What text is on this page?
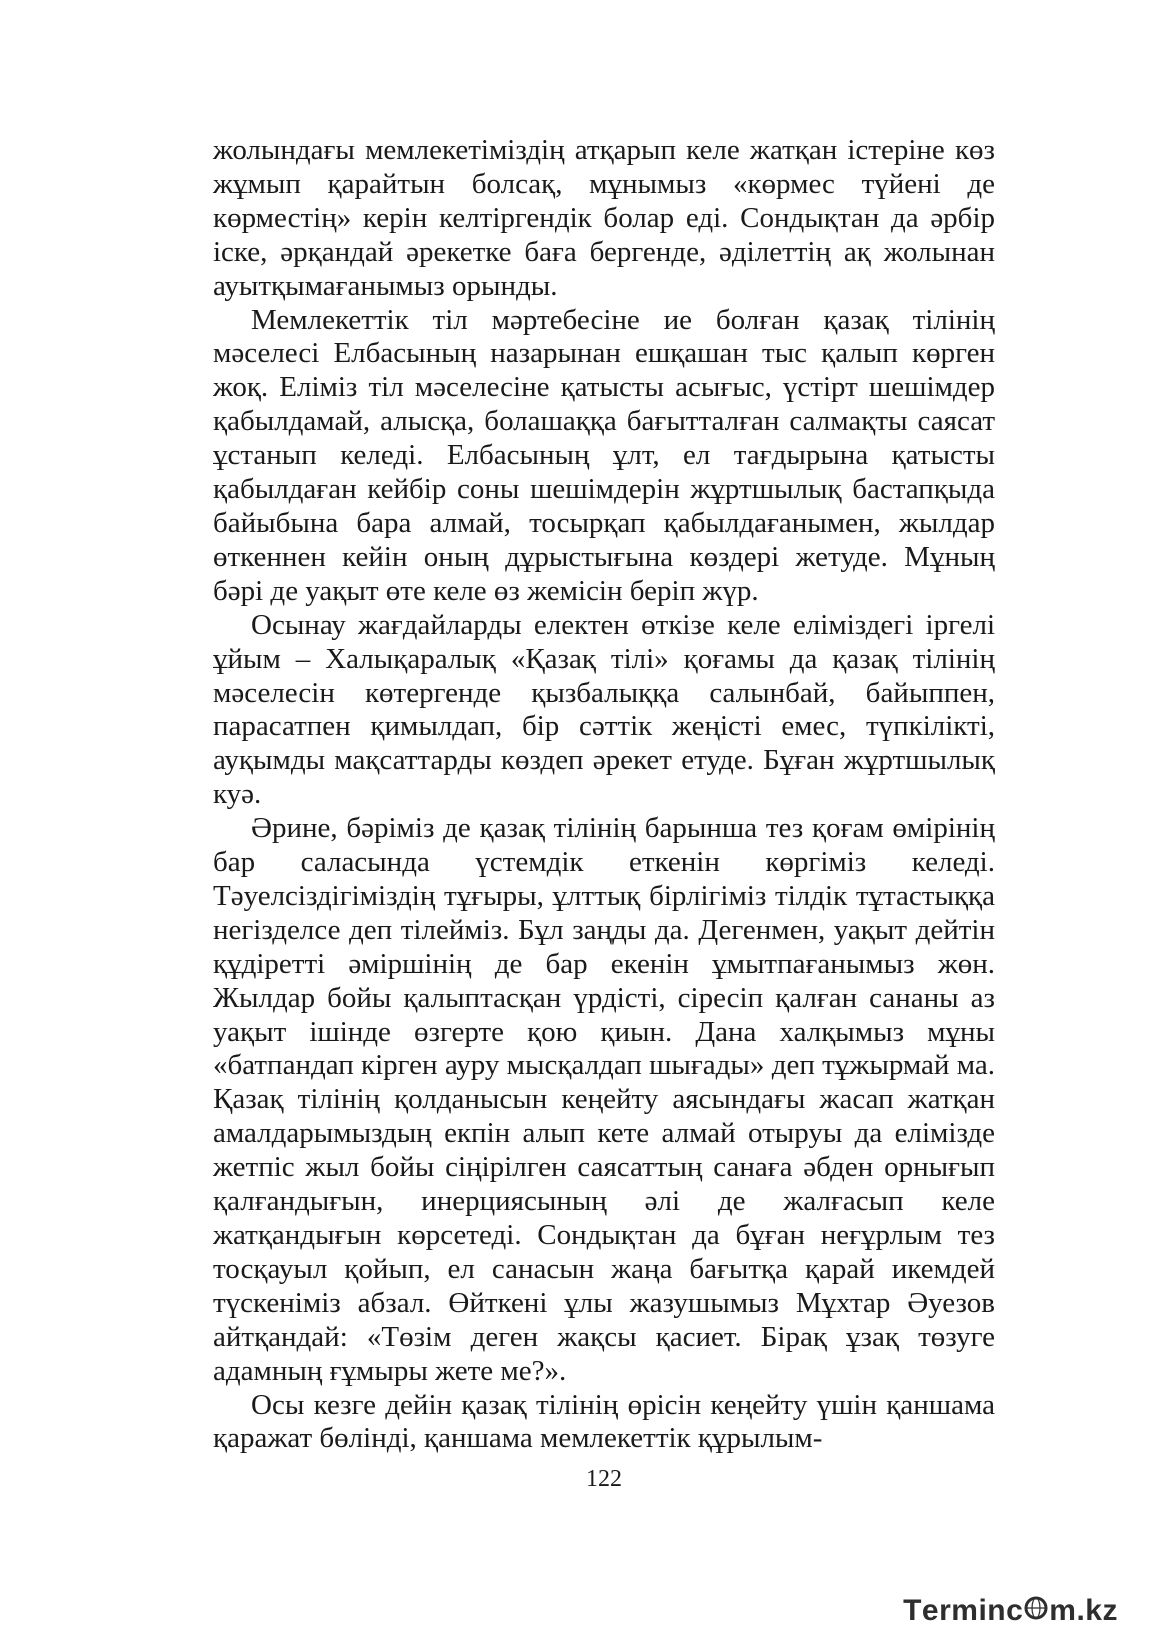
жолындағы мемлекетіміздің атқарып келе жатқан істеріне көз жұмып қарайтын болсақ, мұнымыз «көрмес түйені де көрместің» керін келтіргендік болар еді. Сондықтан да әрбір іске, әрқандай әрекетке баға бергенде, әділеттің ақ жолынан ауытқымағанымыз орынды.

Мемлекеттік тіл мәртебесіне ие болған қазақ тілінің мәселесі Елбасының назарынан ешқашан тыс қалып көрген жоқ. Еліміз тіл мәселесіне қатысты асығыс, үстірт шешімдер қабылдамай, алысқа, болашаққа бағытталған салмақты саясат ұстанып келеді. Елбасының ұлт, ел тағдырына қатысты қабылдаған кейбір соны шешімдерін жұртшылық бастапқыда байыбына бара алмай, тосырқап қабылдағанымен, жылдар өткеннен кейін оның дұрыстығына көздері жетуде. Мұның бәрі де уақыт өте келе өз жемісін беріп жүр.

Осынау жағдайларды електен өткізе келе еліміздегі іргелі ұйым – Халықаралық «Қазақ тілі» қоғамы да қазақ тілінің мәселесін көтергенде қызбалыққа салынбай, байыппен, парасатпен қимылдап, бір сәттік жеңісті емес, түпкілікті, ауқымды мақсаттарды көздеп әрекет етуде. Бұған жұртшылық куә.

Әрине, бәріміз де қазақ тілінің барынша тез қоғам өмірінің бар саласында үстемдік еткенін көргіміз келеді. Тәуелсіздігіміздің тұғыры, ұлттық бірлігіміз тілдік тұтастыққа негізделсе деп тілейміз. Бұл заңды да. Дегенмен, уақыт дейтін құдіретті әміршінің де бар екенін ұмытпағанымыз жөн. Жылдар бойы қалыптасқан үрдісті, сіресіп қалған сананы аз уақыт ішінде өзгерте қою қиын. Дана халқымыз мұны «батпандап кірген ауру мысқалдап шығады» деп тұжырмай ма. Қазақ тілінің қолданысын кеңейту аясындағы жасап жатқан амалдарымыздың екпін алып кете алмай отыруы да елімізде жетпіс жыл бойы сіңірілген саясаттың санаға әбден орнығып қалғандығын, инерциясының әлі де жалғасып келе жатқандығын көрсетеді. Сондықтан да бұған неғұрлым тез тосқауыл қойып, ел санасын жаңа бағытқа қарай икемдей түскеніміз абзал. Өйткені ұлы жазушымыз Мұхтар Әуезов айтқандай: «Төзім деген жақсы қасиет. Бірақ ұзақ төзуге адамның ғұмыры жете ме?».

Осы кезге дейін қазақ тілінің өрісін кеңейту үшін қаншама қаражат бөлінді, қаншама мемлекеттік құрылым-

122
T erminc m.kz
